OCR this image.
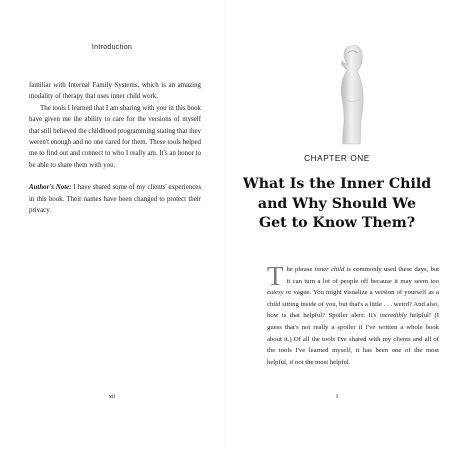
Introduction

familiar with Internal Family Systems, which is an amazing modality of therapy that uses inner child work.

The tools I learned that I am sharing with you in this book have given me the ability to care for the versions of myself that still believed the childhood programming stating that they weren't enough and no one cared for them. These tools helped me to find out and connect to who I really am. It's an honor to be able to share them with you.

Author's Note: I have shared some of my clients' experiences in this book. Their names have been changed to protect their privacy.

xii
CHAPTER ONE
What Is the Inner Child
and Why Should We
Get to Know Them?

The phrase inner child is commonly used these days, but it can turn a lot of people off because it may seem too cutesy or vague. You might visualize a version of yourself as a child sitting inside of you, but that's a little . . . weird? And also, how is that helpful? Spoiler alert: It's incredibly helpful! (I guess that's not really a spoiler if I've written a whole book about it.) Of all the tools I've shared with my clients and all of the tools I've learned myself, it has been one of the most helpful, if not the most helpful.

1
